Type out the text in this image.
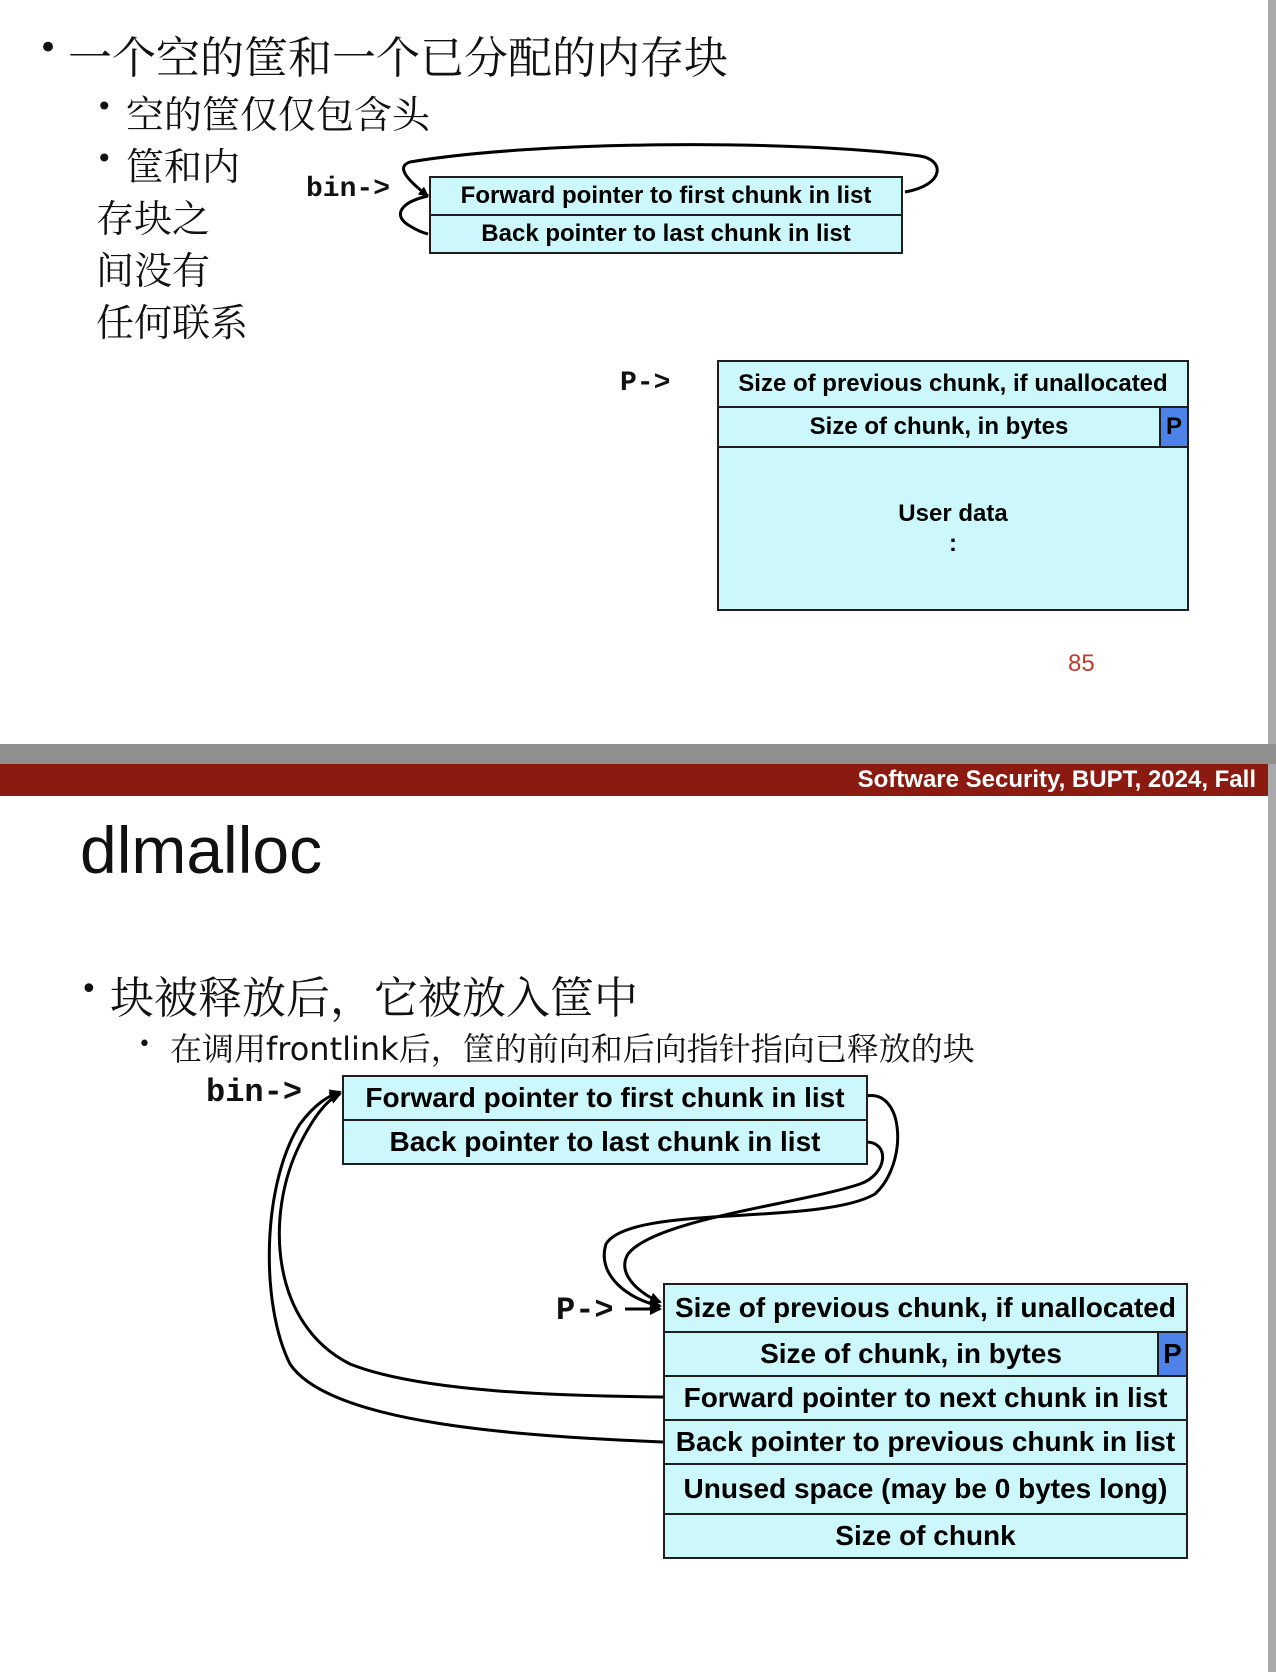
• 一个空的筐和一个已分配的内存块
• 空的筐仅仅包含头
• 筐和内
存块之
间没有
任何联系
bin->	Forward pointer to first chunk in list
Back pointer to last chunk in list
P->	Size of previous chunk, if unallocated
Size of chunk, in bytes	P
User data
:
85
Software Security, BUPT, 2024, Fall
dlmalloc
• 块被释放后，它被放入筐中
• 在调用frontlink后，筐的前向和后向指针指向已释放的块
bin->	Forward pointer to first chunk in list
Back pointer to last chunk in list
P->	Size of previous chunk, if unallocated
Size of chunk, in bytes	P
Forward pointer to next chunk in list
Back pointer to previous chunk in list
Unused space (may be 0 bytes long)
Size of chunk
